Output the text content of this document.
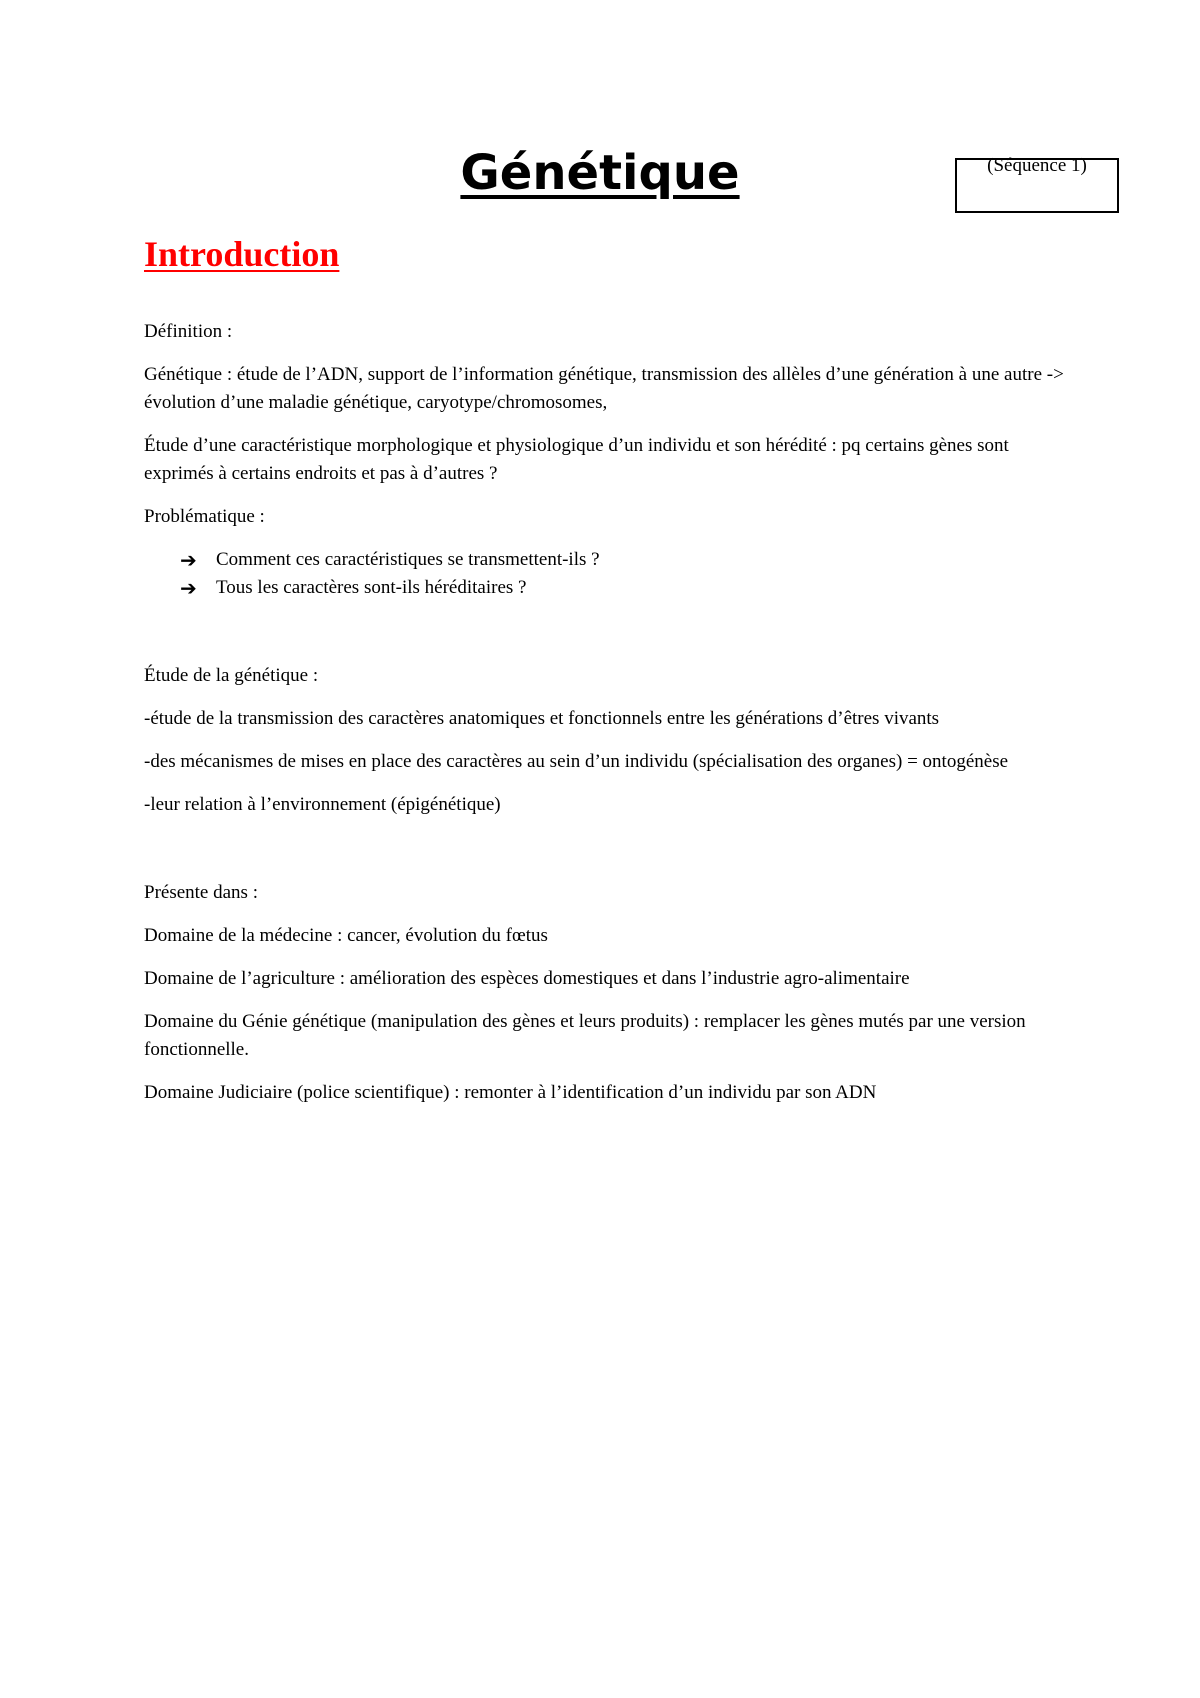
Génétique	(Séquence 1)
Introduction

Définition :

Génétique : étude de l’ADN, support de l’information génétique, transmission des allèles d’une génération à une autre -> évolution d’une maladie génétique, caryotype/chromosomes,

Étude d’une caractéristique morphologique et physiologique d’un individu et son hérédité : pq certains gènes sont exprimés à certains endroits et pas à d’autres ?

Problématique :

➔	Comment ces caractéristiques se transmettent-ils ?
➔	Tous les caractères sont-ils héréditaires ?

Étude de la génétique :

-étude de la transmission des caractères anatomiques et fonctionnels entre les générations d’êtres vivants

-des mécanismes de mises en place des caractères au sein d’un individu (spécialisation des organes) = ontogénèse

-leur relation à l’environnement (épigénétique)

Présente dans :

Domaine de la médecine : cancer, évolution du fœtus

Domaine de l’agriculture : amélioration des espèces domestiques et dans l’industrie agro-alimentaire

Domaine du Génie génétique (manipulation des gènes et leurs produits) : remplacer les gènes mutés par une version fonctionnelle.

Domaine Judiciaire (police scientifique) : remonter à l’identification d’un individu par son ADN
